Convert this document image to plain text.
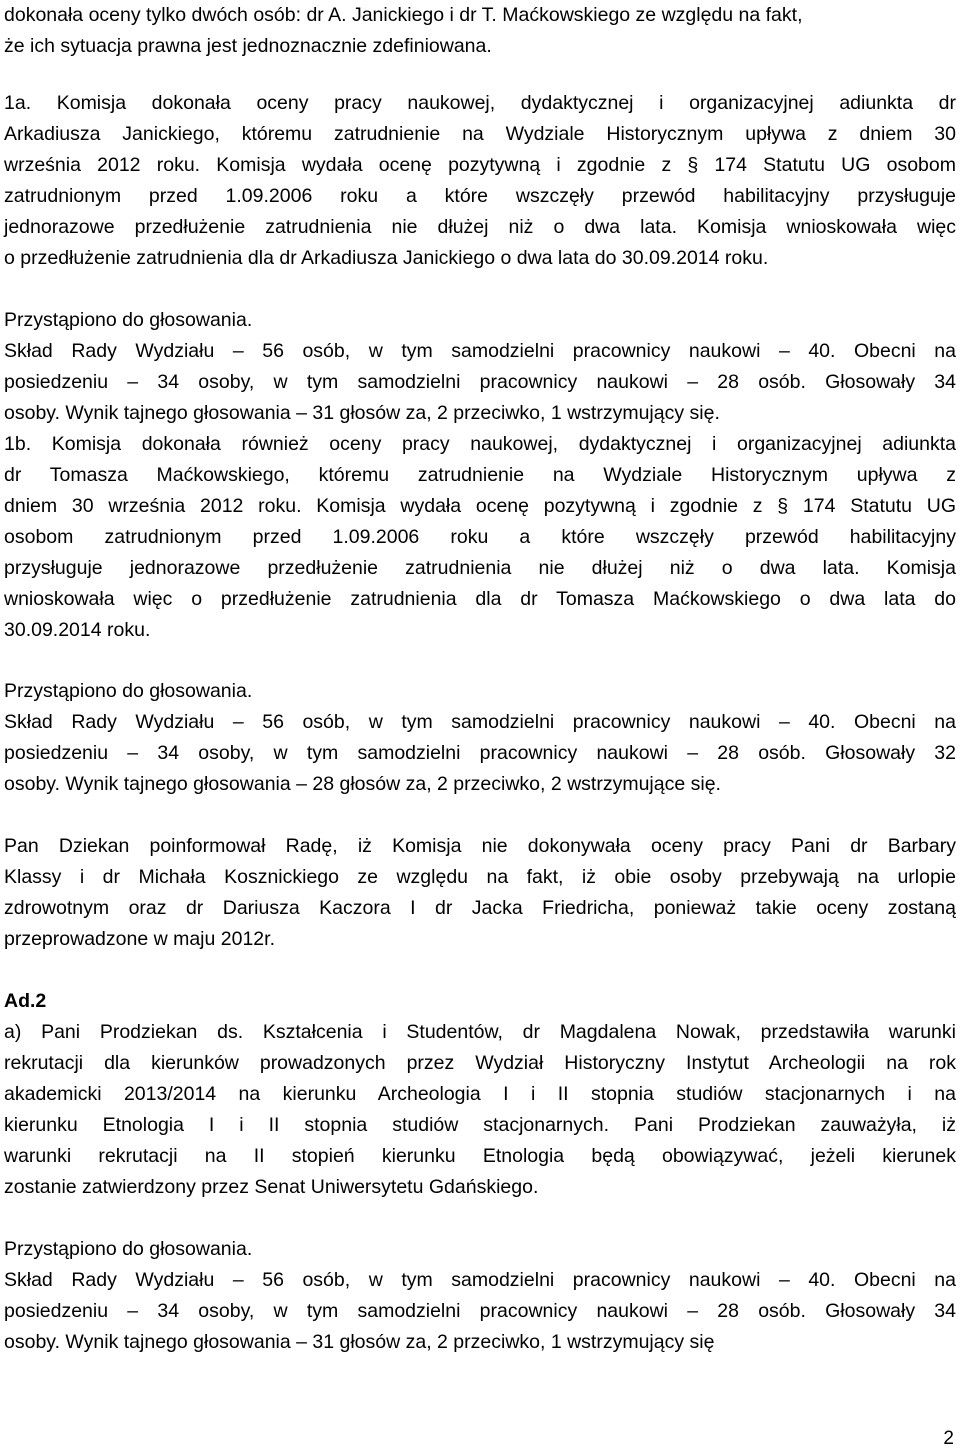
dokonała oceny tylko dwóch osób: dr A. Janickiego i dr T. Maćkowskiego ze względu na fakt,
że ich sytuacja prawna jest jednoznacznie zdefiniowana.
1a. Komisja dokonała oceny pracy naukowej, dydaktycznej i organizacyjnej adiunkta dr
Arkadiusza Janickiego, któremu zatrudnienie na Wydziale Historycznym upływa z dniem 30
września 2012 roku. Komisja wydała ocenę pozytywną i zgodnie z § 174 Statutu UG osobom
zatrudnionym przed 1.09.2006 roku a które wszczęły przewód habilitacyjny przysługuje
jednorazowe przedłużenie zatrudnienia nie dłużej niż o dwa lata. Komisja wnioskowała więc
o przedłużenie zatrudnienia dla dr Arkadiusza Janickiego o dwa lata do 30.09.2014 roku.
Przystąpiono do głosowania.
Skład Rady Wydziału – 56 osób, w tym samodzielni pracownicy naukowi – 40. Obecni na
posiedzeniu – 34 osoby, w tym samodzielni pracownicy naukowi – 28 osób. Głosowały 34
osoby. Wynik tajnego głosowania – 31 głosów za, 2 przeciwko, 1 wstrzymujący się.
1b. Komisja dokonała również oceny pracy naukowej, dydaktycznej i organizacyjnej adiunkta
dr Tomasza Maćkowskiego, któremu zatrudnienie na Wydziale Historycznym upływa z
dniem 30 września 2012 roku. Komisja wydała ocenę pozytywną i zgodnie z § 174 Statutu UG
osobom zatrudnionym przed 1.09.2006 roku a które wszczęły przewód habilitacyjny
przysługuje jednorazowe przedłużenie zatrudnienia nie dłużej niż o dwa lata. Komisja
wnioskowała więc o przedłużenie zatrudnienia dla dr Tomasza Maćkowskiego o dwa lata do
30.09.2014 roku.
Przystąpiono do głosowania.
Skład Rady Wydziału – 56 osób, w tym samodzielni pracownicy naukowi – 40. Obecni na
posiedzeniu – 34 osoby, w tym samodzielni pracownicy naukowi – 28 osób. Głosowały 32
osoby. Wynik tajnego głosowania – 28 głosów za, 2 przeciwko, 2 wstrzymujące się.
Pan Dziekan poinformował Radę, iż Komisja nie dokonywała oceny pracy Pani dr Barbary
Klassy i dr Michała Kosznickiego ze względu na fakt, iż obie osoby przebywają na urlopie
zdrowotnym oraz dr Dariusza Kaczora I dr Jacka Friedricha, ponieważ takie oceny zostaną
przeprowadzone w maju 2012r.
Ad.2
a) Pani Prodziekan ds. Kształcenia i Studentów, dr Magdalena Nowak, przedstawiła warunki
rekrutacji dla kierunków prowadzonych przez Wydział Historyczny Instytut Archeologii na rok
akademicki 2013/2014 na kierunku Archeologia I i II stopnia studiów stacjonarnych i na
kierunku Etnologia I i II stopnia studiów stacjonarnych. Pani Prodziekan zauważyła, iż
warunki rekrutacji na II stopień kierunku Etnologia będą obowiązywać, jeżeli kierunek
zostanie zatwierdzony przez Senat Uniwersytetu Gdańskiego.
Przystąpiono do głosowania.
Skład Rady Wydziału – 56 osób, w tym samodzielni pracownicy naukowi – 40. Obecni na
posiedzeniu – 34 osoby, w tym samodzielni pracownicy naukowi – 28 osób. Głosowały 34
osoby. Wynik tajnego głosowania – 31 głosów za, 2 przeciwko, 1 wstrzymujący się
2
